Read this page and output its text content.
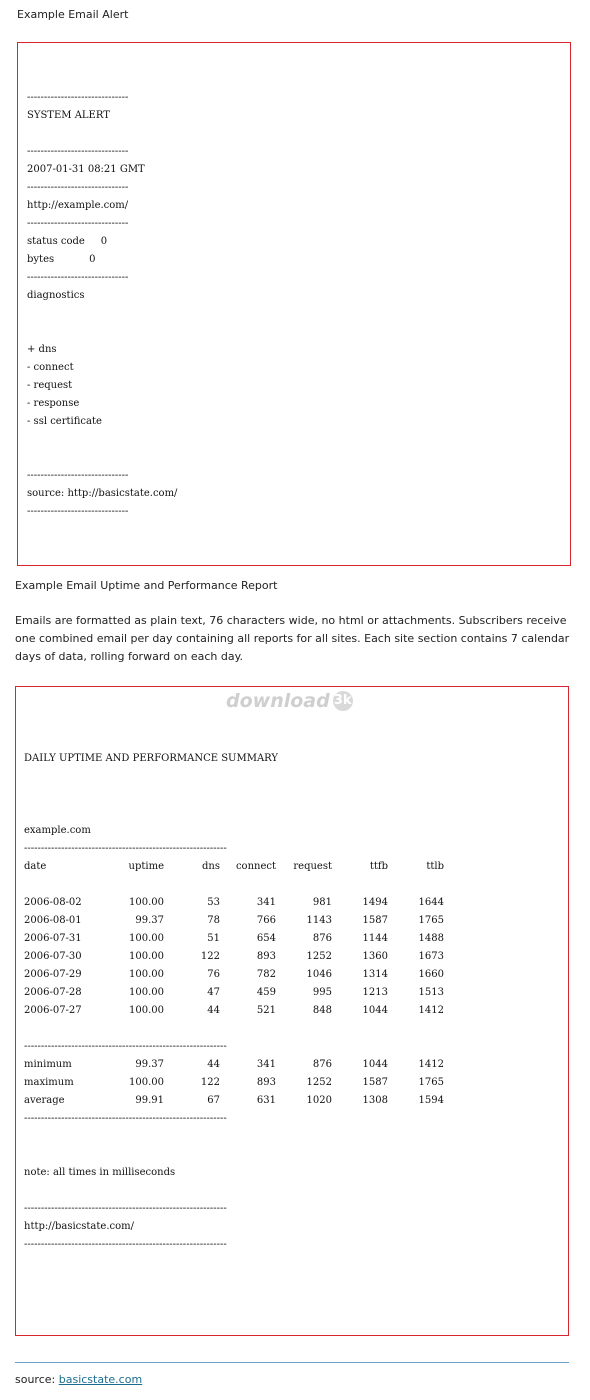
Example Email Alert
------------------------------
SYSTEM ALERT
------------------------------
2007-01-31 08:21 GMT
------------------------------
http://example.com/
------------------------------
status code     0
bytes           0
------------------------------
diagnostics
+ dns
- connect
- request
- response
- ssl certificate
------------------------------
source: http://basicstate.com/
------------------------------
Example Email Uptime and Performance Report
Emails are formatted as plain text, 76 characters wide, no html or attachments. Subscribers receive one combined email per day containing all reports for all sites. Each site section contains 7 calendar days of data, rolling forward on each day.
download 3k
DAILY UPTIME AND PERFORMANCE SUMMARY
example.com
------------------------------------------------------------
date	uptime	dns	connect	request	ttfb	ttlb
2006-08-02	100.00	53	341	981	1494	1644
2006-08-01	99.37	78	766	1143	1587	1765
2006-07-31	100.00	51	654	876	1144	1488
2006-07-30	100.00	122	893	1252	1360	1673
2006-07-29	100.00	76	782	1046	1314	1660
2006-07-28	100.00	47	459	995	1213	1513
2006-07-27	100.00	44	521	848	1044	1412
------------------------------------------------------------
minimum	99.37	44	341	876	1044	1412
maximum	100.00	122	893	1252	1587	1765
average	99.91	67	631	1020	1308	1594
------------------------------------------------------------
note: all times in milliseconds
------------------------------------------------------------
http://basicstate.com/
------------------------------------------------------------
source: basicstate.com
